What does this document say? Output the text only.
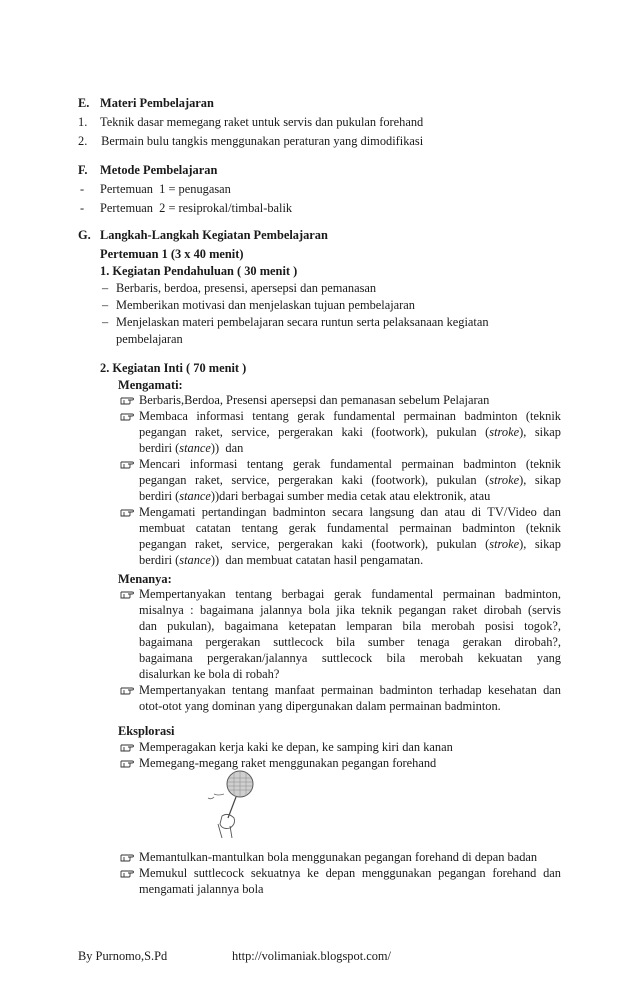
E. Materi Pembelajaran
1. Teknik dasar memegang raket untuk servis dan pukulan forehand
2. Bermain bulu tangkis menggunakan peraturan yang dimodifikasi
F. Metode Pembelajaran
- Pertemuan  1 = penugasan
- Pertemuan  2 = resiprokal/timbal-balik
G. Langkah-Langkah Kegiatan Pembelajaran
Pertemuan 1 (3 x 40 menit)
1. Kegiatan Pendahuluan ( 30 menit )
– Berbaris, berdoa, presensi, apersepsi dan pemanasan
– Memberikan motivasi dan menjelaskan tujuan pembelajaran
– Menjelaskan materi pembelajaran secara runtun serta pelaksanaan kegiatan
pembelajaran
2. Kegiatan Inti ( 70 menit )
Mengamati:
Berbaris,Berdoa, Presensi apersepsi dan pemanasan sebelum Pelajaran
Membaca informasi tentang gerak fundamental permainan badminton (teknik
pegangan raket, service, pergerakan kaki (footwork), pukulan (stroke), sikap
berdiri (stance))  dan
Mencari informasi tentang gerak fundamental permainan badminton (teknik
pegangan raket, service, pergerakan kaki (footwork), pukulan (stroke), sikap
berdiri (stance))dari berbagai sumber media cetak atau elektronik, atau
Mengamati pertandingan badminton secara langsung dan atau di TV/Video dan
membuat catatan tentang gerak fundamental permainan badminton (teknik
pegangan raket, service, pergerakan kaki (footwork), pukulan (stroke), sikap
berdiri (stance))  dan membuat catatan hasil pengamatan.
Menanya:
Mempertanyakan tentang berbagai gerak fundamental permainan badminton,
misalnya : bagaimana jalannya bola jika teknik pegangan raket dirobah (servis
dan pukulan), bagaimana ketepatan lemparan bila merobah posisi togok?,
bagaimana pergerakan suttlecock bila sumber tenaga gerakan dirobah?,
bagaimana pergerakan/jalannya suttlecock bila merobah kekuatan yang
disalurkan ke bola di robah?
Mempertanyakan tentang manfaat permainan badminton terhadap kesehatan dan
otot-otot yang dominan yang dipergunakan dalam permainan badminton.
Eksplorasi
Memperagakan kerja kaki ke depan, ke samping kiri dan kanan
Memegang-megang raket menggunakan pegangan forehand
Memantulkan-mantulkan bola menggunakan pegangan forehand di depan badan
Memukul suttlecock sekuatnya ke depan menggunakan pegangan forehand dan
mengamati jalannya bola
By Purnomo,S.Pd	http://volimaniak.blogspot.com/
